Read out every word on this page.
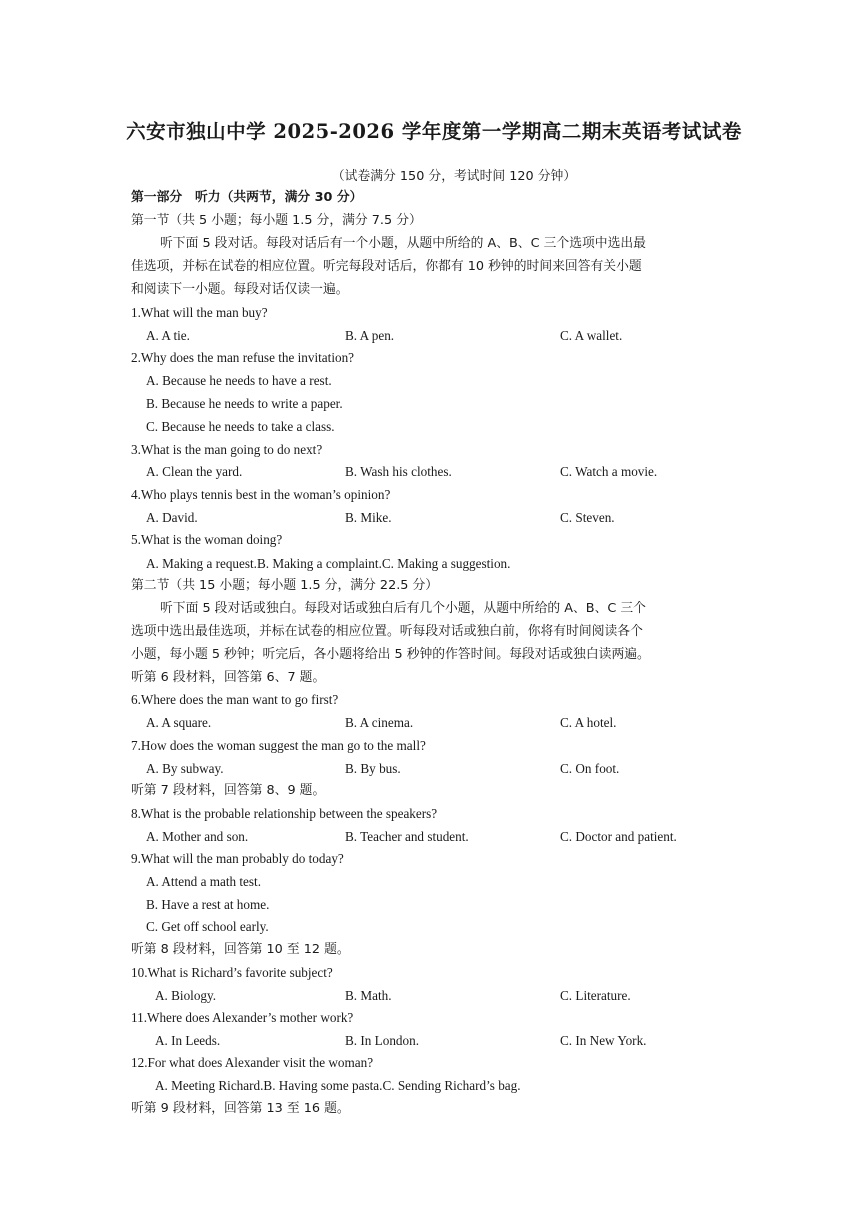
六安市独山中学 2025-2026 学年度第一学期高二期末英语考试试卷
（试卷满分 150 分，考试时间 120 分钟）
第一部分　听力（共两节，满分 30 分）
第一节（共 5 小题；每小题 1.5 分，满分 7.5 分）
听下面 5 段对话。每段对话后有一个小题，从题中所给的 A、B、C 三个选项中选出最
佳选项，并标在试卷的相应位置。听完每段对话后，你都有 10 秒钟的时间来回答有关小题
和阅读下一小题。每段对话仅读一遍。
1.What will the man buy?
A. A tie.	B. A pen.	C. A wallet.
2.Why does the man refuse the invitation?
A. Because he needs to have a rest.
B. Because he needs to write a paper.
C. Because he needs to take a class.
3.What is the man going to do next?
A. Clean the yard.	B. Wash his clothes.	C. Watch a movie.
4.Who plays tennis best in the woman’s opinion?
A. David.	B. Mike.	C. Steven.
5.What is the woman doing?
A. Making a request.B. Making a complaint.C. Making a suggestion.
第二节（共 15 小题；每小题 1.5 分，满分 22.5 分）
听下面 5 段对话或独白。每段对话或独白后有几个小题，从题中所给的 A、B、C 三个
选项中选出最佳选项，并标在试卷的相应位置。听每段对话或独白前，你将有时间阅读各个
小题，每小题 5 秒钟；听完后，各小题将给出 5 秒钟的作答时间。每段对话或独白读两遍。
听第 6 段材料，回答第 6、7 题。
6.Where does the man want to go first?
A. A square.	B. A cinema.	C. A hotel.
7.How does the woman suggest the man go to the mall?
A. By subway.	B. By bus.	C. On foot.
听第 7 段材料，回答第 8、9 题。
8.What is the probable relationship between the speakers?
A. Mother and son.	B. Teacher and student.	C. Doctor and patient.
9.What will the man probably do today?
A. Attend a math test.
B. Have a rest at home.
C. Get off school early.
听第 8 段材料，回答第 10 至 12 题。
10.What is Richard’s favorite subject?
A. Biology.	B. Math.	C. Literature.
11.Where does Alexander’s mother work?
A. In Leeds.	B. In London.	C. In New York.
12.For what does Alexander visit the woman?
A. Meeting Richard.B. Having some pasta.C. Sending Richard’s bag.
听第 9 段材料，回答第 13 至 16 题。
